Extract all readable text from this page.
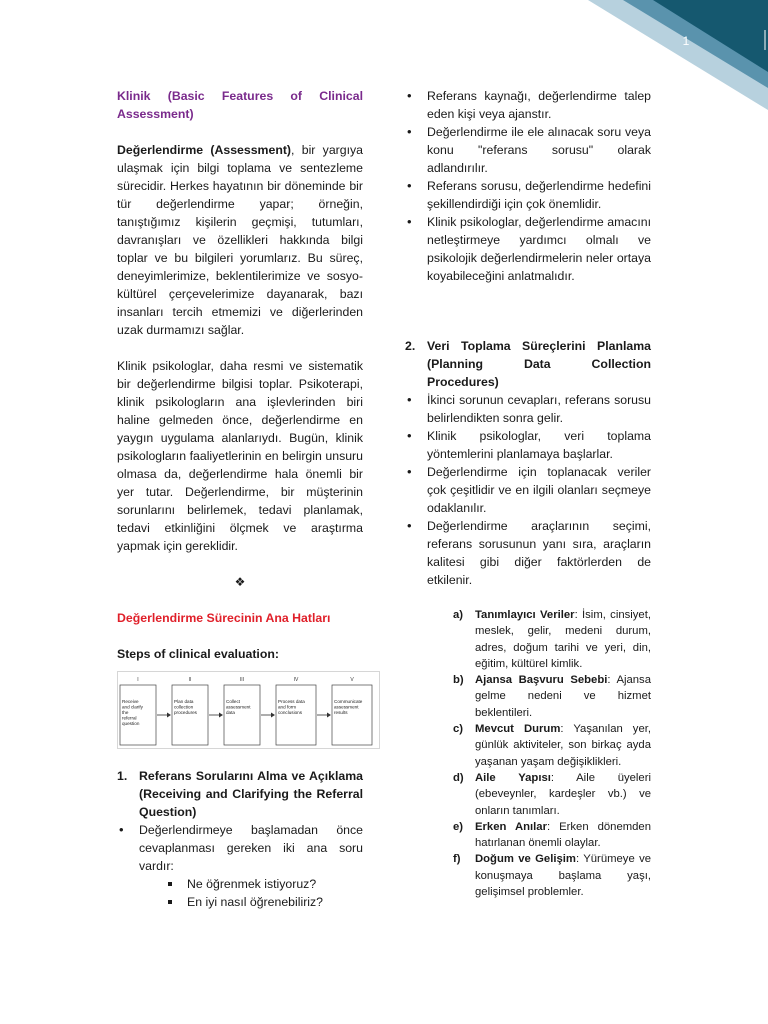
1

Klinik (Basic Features of Clinical Assessment)

Değerlendirme (Assessment), bir yargıya ulaşmak için bilgi toplama ve sentezleme sürecidir. Herkes hayatının bir döneminde bir tür değerlendirme yapar; örneğin, tanıştığımız kişilerin geçmişi, tutumları, davranışları ve özellikleri hakkında bilgi toplar ve bu bilgileri yorumlarız. Bu süreç, deneyimlerimize, beklentilerimize ve sosyo-kültürel çerçevelerimize dayanarak, bazı insanları tercih etmemizi ve diğerlerinden uzak durmamızı sağlar.

Klinik psikologlar, daha resmi ve sistematik bir değerlendirme bilgisi toplar. Psikoterapi, klinik psikologların ana işlevlerinden biri haline gelmeden önce, değerlendirme en yaygın uygulama alanlarıydı. Bugün, klinik psikologların faaliyetlerinin en belirgin unsuru olmasa da, değerlendirme hala önemli bir yer tutar. Değerlendirme, bir müşterinin sorunlarını belirlemek, tedavi planlamak, tedavi etkinliğini ölçmek ve araştırma yapmak için gereklidir.

❖

Değerlendirme Sürecinin Ana Hatları

Steps of clinical evaluation:

I
Receive
and clarify
the
referral
question
II
Plan data
collection
procedures
III
Collect
assessment
data
IV
Process data
and form
conclusions
V
Communicate
assessment
results
1. Referans Sorularını Alma ve Açıklama (Receiving and Clarifying the Referral Question)
• Değerlendirmeye başlamadan önce cevaplanması gereken iki ana soru vardır:
Ne öğrenmek istiyoruz?
En iyi nasıl öğrenebiliriz?
• Referans kaynağı, değerlendirme talep eden kişi veya ajanstır.
• Değerlendirme ile ele alınacak soru veya konu "referans sorusu" olarak adlandırılır.
• Referans sorusu, değerlendirme hedefini şekillendirdiği için çok önemlidir.
• Klinik psikologlar, değerlendirme amacını netleştirmeye yardımcı olmalı ve psikolojik değerlendirmelerin neler ortaya koyabileceğini anlatmalıdır.
2. Veri Toplama Süreçlerini Planlama (Planning Data Collection Procedures)
• İkinci sorunun cevapları, referans sorusu belirlendikten sonra gelir.
• Klinik psikologlar, veri toplama yöntemlerini planlamaya başlarlar.
• Değerlendirme için toplanacak veriler çok çeşitlidir ve en ilgili olanları seçmeye odaklanılır.
• Değerlendirme araçlarının seçimi, referans sorusunun yanı sıra, araçların kalitesi gibi diğer faktörlerden de etkilenir.
a) Tanımlayıcı Veriler: İsim, cinsiyet, meslek, gelir, medeni durum, adres, doğum tarihi ve yeri, din, eğitim, kültürel kimlik.
b) Ajansa Başvuru Sebebi: Ajansa gelme nedeni ve hizmet beklentileri.
c) Mevcut Durum: Yaşanılan yer, günlük aktiviteler, son birkaç ayda yaşanan yaşam değişiklikleri.
d) Aile Yapısı: Aile üyeleri (ebeveynler, kardeşler vb.) ve onların tanımları.
e) Erken Anılar: Erken dönemden hatırlanan önemli olaylar.
f) Doğum ve Gelişim: Yürümeye ve konuşmaya başlama yaşı, gelişimsel problemler.
